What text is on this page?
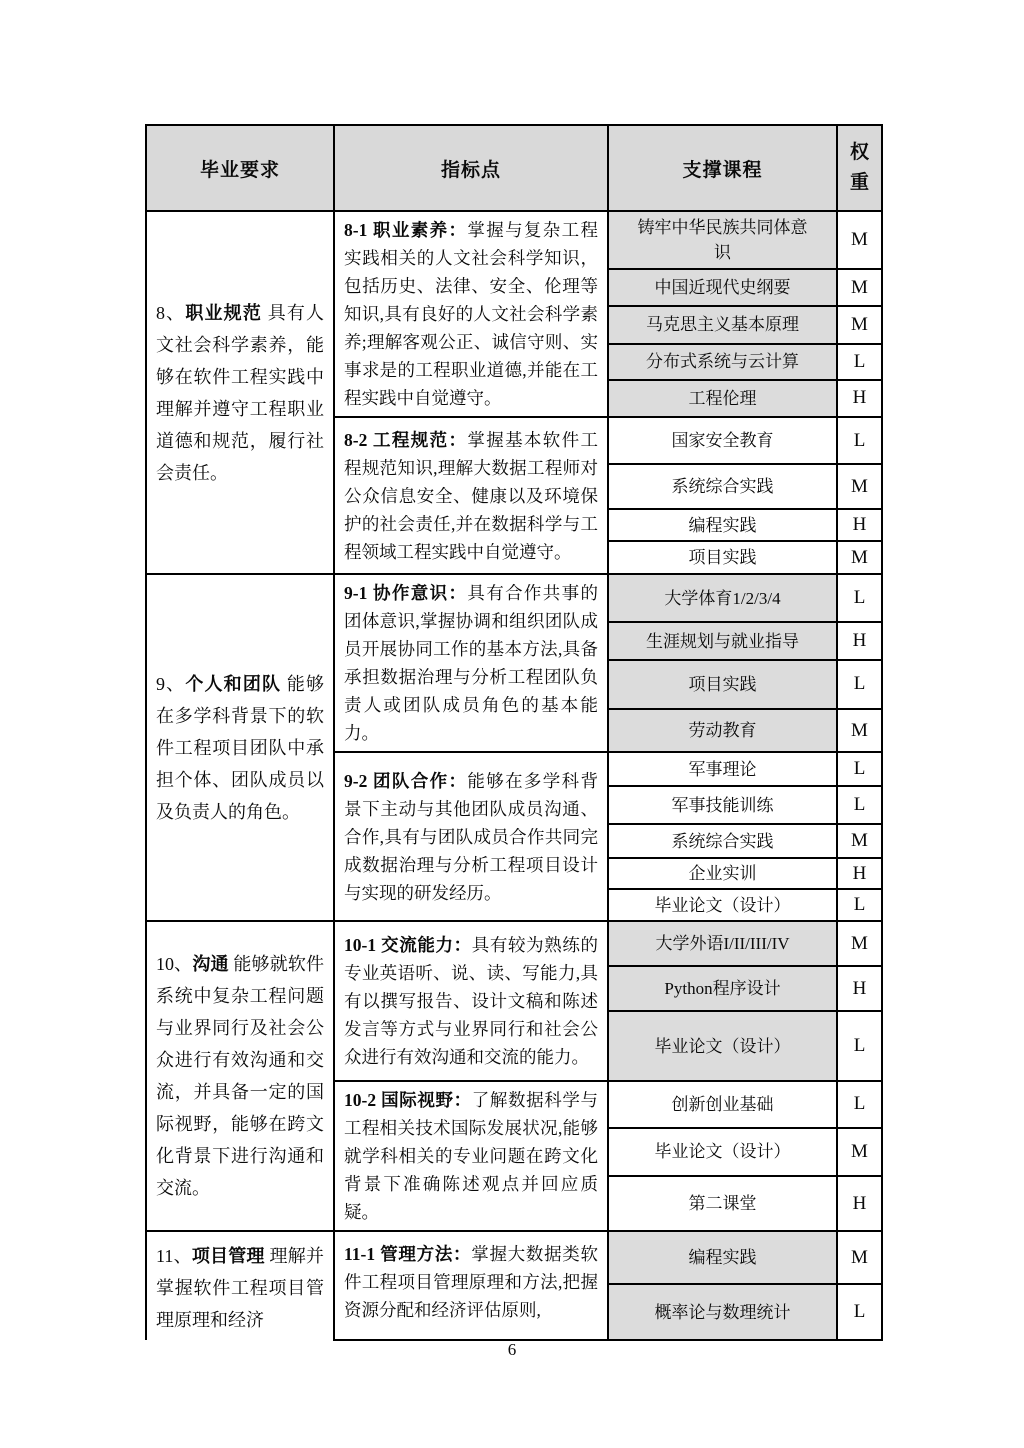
毕业要求	指标点	支撑课程	权重
8、职业规范 具有人文社会科学素养，能够在软件工程实践中理解并遵守工程职业道德和规范，履行社会责任。	8-1 职业素养：掌握与复杂工程实践相关的人文社会科学知识，包括历史、法律、安全、伦理等知识,具有良好的人文社会科学素养;理解客观公正、诚信守则、实事求是的工程职业道德,并能在工程实践中自觉遵守。	铸牢中华民族共同体意识	M
		中国近现代史纲要	M
		马克思主义基本原理	M
		分布式系统与云计算	L
		工程伦理	H
	8-2 工程规范：掌握基本软件工程规范知识,理解大数据工程师对公众信息安全、健康以及环境保护的社会责任,并在数据科学与工程领域工程实践中自觉遵守。	国家安全教育	L
		系统综合实践	M
		编程实践	H
		项目实践	M
9、个人和团队 能够在多学科背景下的软件工程项目团队中承担个体、团队成员以及负责人的角色。	9-1 协作意识：具有合作共事的团体意识,掌握协调和组织团队成员开展协同工作的基本方法,具备承担数据治理与分析工程团队负责人或团队成员角色的基本能力。	大学体育1/2/3/4	L
		生涯规划与就业指导	H
		项目实践	L
		劳动教育	M
	9-2 团队合作：能够在多学科背景下主动与其他团队成员沟通、合作,具有与团队成员合作共同完成数据治理与分析工程项目设计与实现的研发经历。	军事理论	L
		军事技能训练	L
		系统综合实践	M
		企业实训	H
		毕业论文（设计）	L
10、沟通 能够就软件系统中复杂工程问题与业界同行及社会公众进行有效沟通和交流，并具备一定的国际视野，能够在跨文化背景下进行沟通和交流。	10-1 交流能力：具有较为熟练的专业英语听、说、读、写能力,具有以撰写报告、设计文稿和陈述发言等方式与业界同行和社会公众进行有效沟通和交流的能力。	大学外语I/II/III/IV	M
		Python程序设计	H
		毕业论文（设计）	L
	10-2 国际视野：了解数据科学与工程相关技术国际发展状况,能够就学科相关的专业问题在跨文化背景下准确陈述观点并回应质疑。	创新创业基础	L
		毕业论文（设计）	M
		第二课堂	H
11、项目管理 理解并掌握软件工程项目管理原理和经济	11-1 管理方法：掌握大数据类软件工程项目管理原理和方法,把握资源分配和经济评估原则,	编程实践	M
		概率论与数理统计	L
6
